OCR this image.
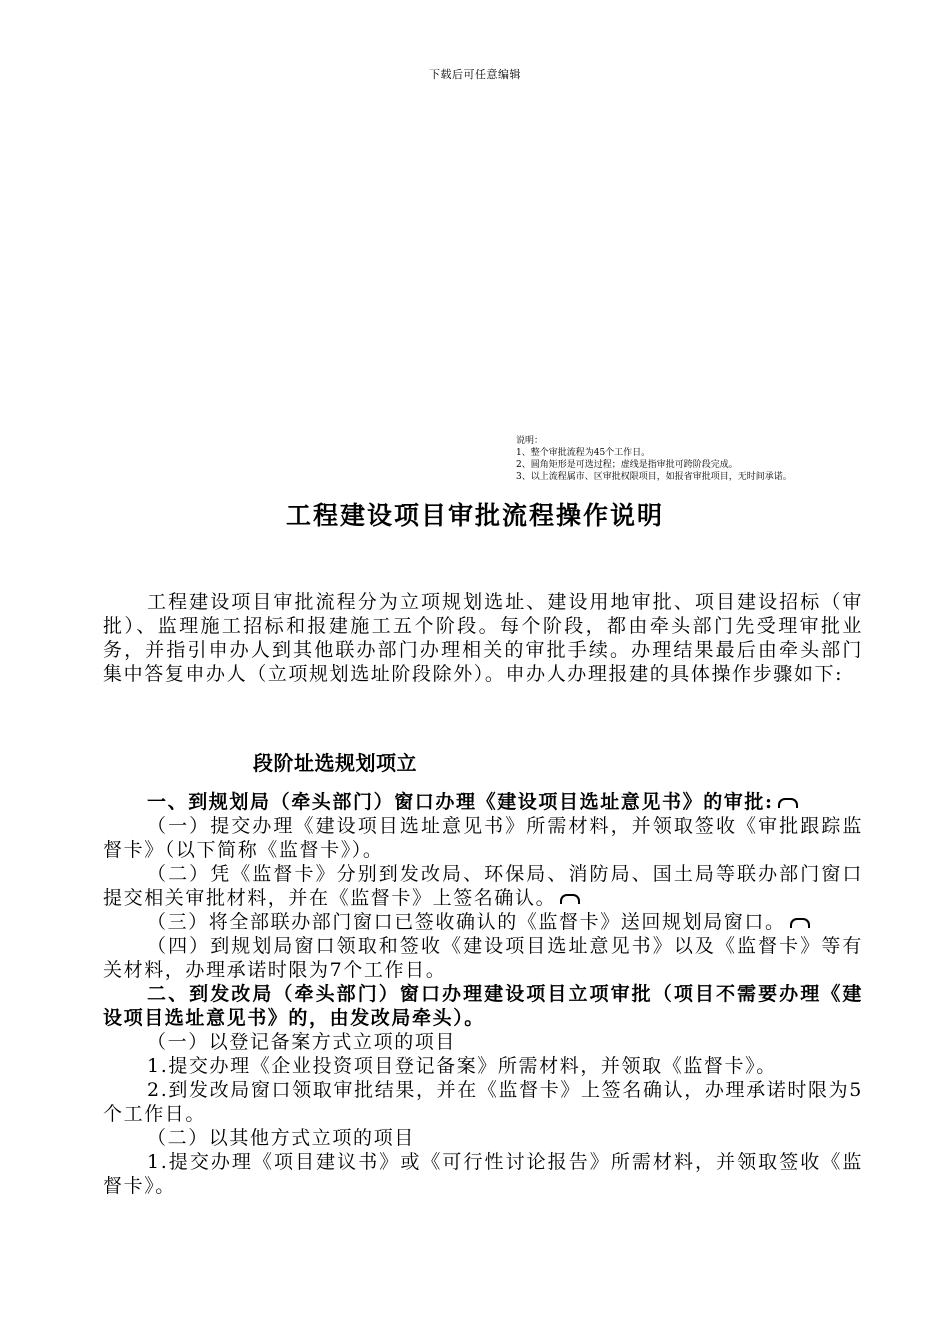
下载后可任意编辑
说明：
1、整个审批流程为45个工作日。
2、圆角矩形是可选过程；虚线是指审批可跨阶段完成。
3、以上流程属市、区审批权限项目，如报省审批项目，无时间承诺。
工程建设项目审批流程操作说明
工程建设项目审批流程分为立项规划选址、建设用地审批、项目建设招标（审批）、监理施工招标和报建施工五个阶段。每个阶段，都由牵头部门先受理审批业务，并指引申办人到其他联办部门办理相关的审批手续。办理结果最后由牵头部门集中答复申办人（立项规划选址阶段除外）。申办人办理报建的具体操作步骤如下:
段阶址选规划项立

一、到规划局（牵头部门）窗口办理《建设项目选址意见书》的审批:

（一）提交办理《建设项目选址意见书》所需材料，并领取签收《审批跟踪监督卡》（以下简称《监督卡》）。

（二）凭《监督卡》分别到发改局、环保局、消防局、国土局等联办部门窗口提交相关审批材料，并在《监督卡》上签名确认。

（三）将全部联办部门窗口已签收确认的《监督卡》送回规划局窗口。

（四）到规划局窗口领取和签收《建设项目选址意见书》以及《监督卡》等有关材料，办理承诺时限为7个工作日。

二、到发改局（牵头部门）窗口办理建设项目立项审批（项目不需要办理《建设项目选址意见书》的，由发改局牵头）。

（一）以登记备案方式立项的项目

1.提交办理《企业投资项目登记备案》所需材料，并领取《监督卡》。

2.到发改局窗口领取审批结果，并在《监督卡》上签名确认，办理承诺时限为5个工作日。

（二）以其他方式立项的项目

1.提交办理《项目建议书》或《可行性讨论报告》所需材料，并领取签收《监督卡》。
